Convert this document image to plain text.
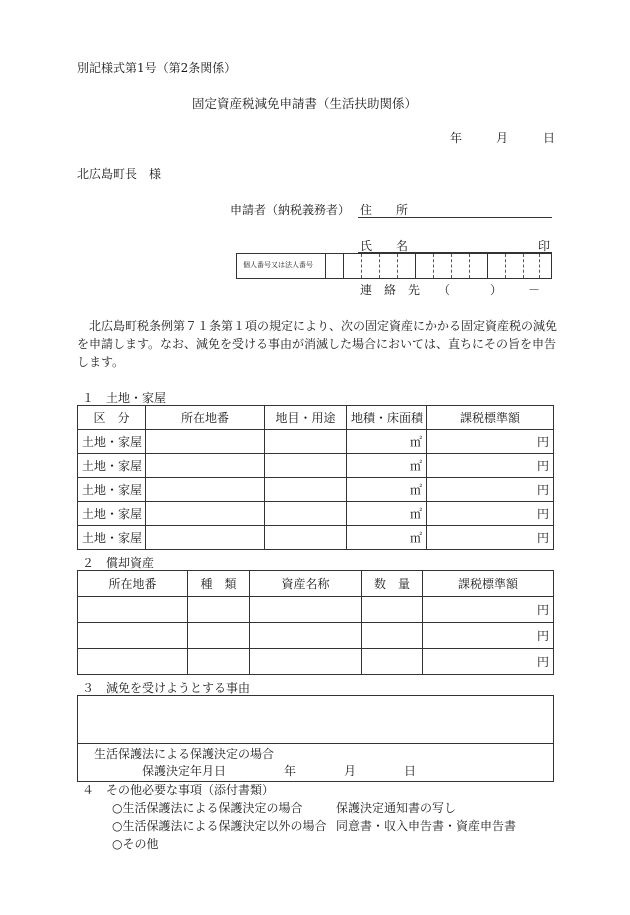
別記様式第1号（第2条関係）
固定資産税減免申請書（生活扶助関係）
年	月	日
北広島町長　様
申請者（納税義務者） 住　　所
氏　　名	印
個人番号又は法人番号
連　絡　先 （	） －
　北広島町税条例第７１条第１項の規定により、次の固定資産にかかる固定資産税の減免
を申請します。なお、減免を受ける事由が消滅した場合においては、直ちにその旨を申告
します。
１　土地・家屋
区　分	所在地番	地目・用途	地積・床面積	課税標準額
土地・家屋			㎡	円
土地・家屋			㎡	円
土地・家屋			㎡	円
土地・家屋			㎡	円
土地・家屋			㎡	円
２　償却資産
所在地番	種　類	資産名称	数　量	課税標準額
				円
				円
				円
３　減免を受けようとする事由

生活保護法による保護決定の場合
保護決定年月日	年	月	日
４　その他必要な事項（添付書類）
○生活保護法による保護決定の場合	保護決定通知書の写し
○生活保護法による保護決定以外の場合 同意書・収入申告書・資産申告書
○その他
